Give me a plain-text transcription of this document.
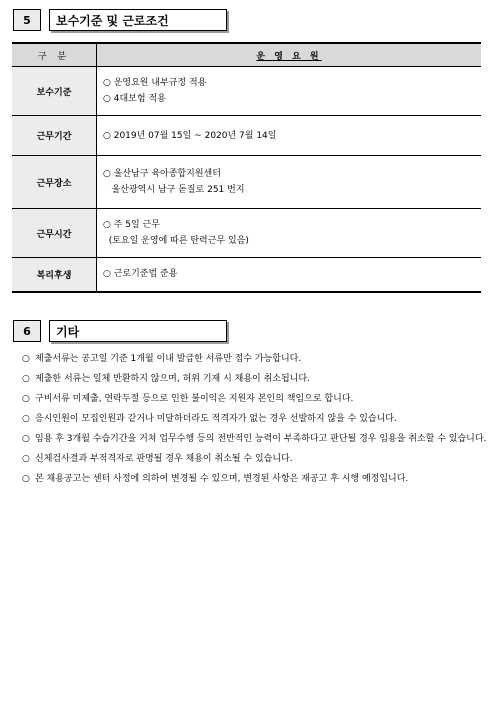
5	보수기준 및 근로조건
구 분	운 영 요 원
보수기준	○ 운영요원 내부규정 적용
○ 4대보험 적용

근무기간	○ 2019년 07월 15일 ~ 2020년 7월 14일

근무장소	○ 울산남구 육아종합지원센터
울산광역시 남구 돋질로 251 번지

근무시간	○ 주 5일 근무
(토요일 운영에 따른 탄력근무 있음)

복리후생	○ 근로기준법 준용
6	기타
○ 제출서류는 공고일 기준 1개월 이내 발급한 서류만 접수 가능합니다.
○ 제출한 서류는 일체 반환하지 않으며, 허위 기재 시 채용이 취소됩니다.
○ 구비서류 미제출, 연락두절 등으로 인한 불이익은 지원자 본인의 책임으로 합니다.
○ 응시인원이 모집인원과 같거나 미달하더라도 적격자가 없는 경우 선발하지 않을 수 있습니다.
○ 임용 후 3개월 수습기간을 거쳐 업무수행 등의 전반적인 능력이 부족하다고 판단될 경우 임용을 취소할 수 있습니다.
○ 신체검사결과 부적격자로 판명될 경우 채용이 취소될 수 있습니다.
○ 본 채용공고는 센터 사정에 의하여 변경될 수 있으며, 변경된 사항은 재공고 후 시행 예정입니다.
